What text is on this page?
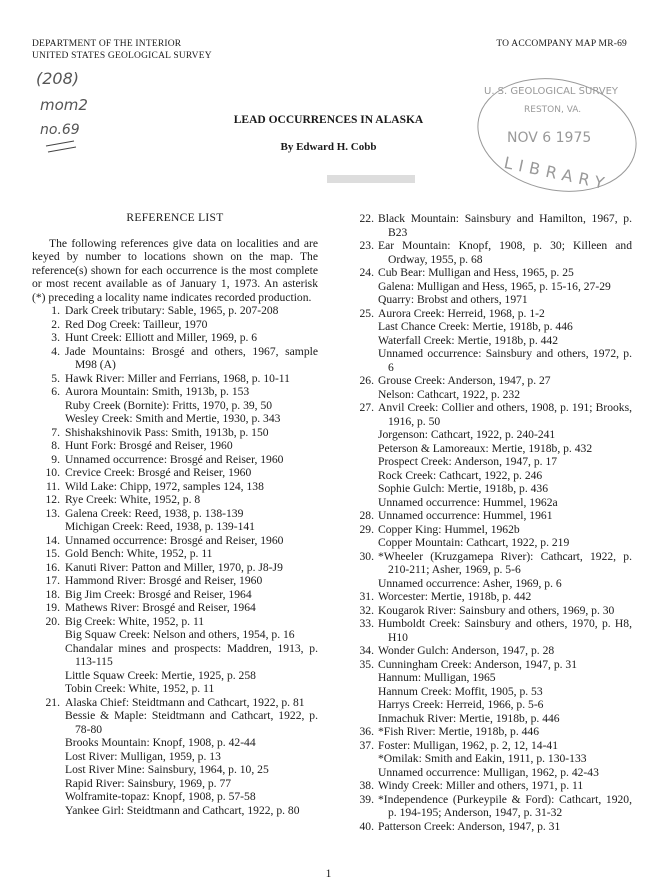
DEPARTMENT OF THE INTERIOR
UNITED STATES GEOLOGICAL SURVEY
TO ACCOMPANY MAP MR-69
(208)
mom2
no.69
U. S. GEOLOGICAL SURVEY
RESTON, VA.
NOV 6 1975
LIBRARY
LEAD OCCURRENCES IN ALASKA
By Edward H. Cobb
REFERENCE LIST

The following references give data on localities and are keyed by number to locations shown on the map. The reference(s) shown for each occurrence is the most complete or most recent available as of January 1, 1973. An asterisk (*) preceding a locality name indicates recorded production.

1. Dark Creek tributary: Sable, 1965, p. 207-208
2. Red Dog Creek: Tailleur, 1970
3. Hunt Creek: Elliott and Miller, 1969, p. 6
4. Jade Mountains: Brosgé and others, 1967, sample M98 (A)
5. Hawk River: Miller and Ferrians, 1968, p. 10-11
6. Aurora Mountain: Smith, 1913b, p. 153
Ruby Creek (Bornite): Fritts, 1970, p. 39, 50
Wesley Creek: Smith and Mertie, 1930, p. 343
7. Shishakshinovik Pass: Smith, 1913b, p. 150
8. Hunt Fork: Brosgé and Reiser, 1960
9. Unnamed occurrence: Brosgé and Reiser, 1960
10. Crevice Creek: Brosgé and Reiser, 1960
11. Wild Lake: Chipp, 1972, samples 124, 138
12. Rye Creek: White, 1952, p. 8
13. Galena Creek: Reed, 1938, p. 138-139
Michigan Creek: Reed, 1938, p. 139-141
14. Unnamed occurrence: Brosgé and Reiser, 1960
15. Gold Bench: White, 1952, p. 11
16. Kanuti River: Patton and Miller, 1970, p. J8-J9
17. Hammond River: Brosgé and Reiser, 1960
18. Big Jim Creek: Brosgé and Reiser, 1964
19. Mathews River: Brosgé and Reiser, 1964
20. Big Creek: White, 1952, p. 11
Big Squaw Creek: Nelson and others, 1954, p. 16
Chandalar mines and prospects: Maddren, 1913, p. 113-115
Little Squaw Creek: Mertie, 1925, p. 258
Tobin Creek: White, 1952, p. 11
21. Alaska Chief: Steidtmann and Cathcart, 1922, p. 81
Bessie & Maple: Steidtmann and Cathcart, 1922, p. 78-80
Brooks Mountain: Knopf, 1908, p. 42-44
Lost River: Mulligan, 1959, p. 13
Lost River Mine: Sainsbury, 1964, p. 10, 25
Rapid River: Sainsbury, 1969, p. 77
Wolframite-topaz: Knopf, 1908, p. 57-58
Yankee Girl: Steidtmann and Cathcart, 1922, p. 80
22. Black Mountain: Sainsbury and Hamilton, 1967, p. B23
23. Ear Mountain: Knopf, 1908, p. 30; Killeen and Ordway, 1955, p. 68
24. Cub Bear: Mulligan and Hess, 1965, p. 25
Galena: Mulligan and Hess, 1965, p. 15-16, 27-29
Quarry: Brobst and others, 1971
25. Aurora Creek: Herreid, 1968, p. 1-2
Last Chance Creek: Mertie, 1918b, p. 446
Waterfall Creek: Mertie, 1918b, p. 442
Unnamed occurrence: Sainsbury and others, 1972, p. 6
26. Grouse Creek: Anderson, 1947, p. 27
Nelson: Cathcart, 1922, p. 232
27. Anvil Creek: Collier and others, 1908, p. 191; Brooks, 1916, p. 50
Jorgenson: Cathcart, 1922, p. 240-241
Peterson & Lamoreaux: Mertie, 1918b, p. 432
Prospect Creek: Anderson, 1947, p. 17
Rock Creek: Cathcart, 1922, p. 246
Sophie Gulch: Mertie, 1918b, p. 436
Unnamed occurrence: Hummel, 1962a
28. Unnamed occurrence: Hummel, 1961
29. Copper King: Hummel, 1962b
Copper Mountain: Cathcart, 1922, p. 219
30. *Wheeler (Kruzgamepa River): Cathcart, 1922, p. 210-211; Asher, 1969, p. 5-6
Unnamed occurrence: Asher, 1969, p. 6
31. Worcester: Mertie, 1918b, p. 442
32. Kougarok River: Sainsbury and others, 1969, p. 30
33. Humboldt Creek: Sainsbury and others, 1970, p. H8, H10
34. Wonder Gulch: Anderson, 1947, p. 28
35. Cunningham Creek: Anderson, 1947, p. 31
Hannum: Mulligan, 1965
Hannum Creek: Moffit, 1905, p. 53
Harrys Creek: Herreid, 1966, p. 5-6
Inmachuk River: Mertie, 1918b, p. 446
36. *Fish River: Mertie, 1918b, p. 446
37. Foster: Mulligan, 1962, p. 2, 12, 14-41
*Omilak: Smith and Eakin, 1911, p. 130-133
Unnamed occurrence: Mulligan, 1962, p. 42-43
38. Windy Creek: Miller and others, 1971, p. 11
39. *Independence (Purkeypile & Ford): Cathcart, 1920, p. 194-195; Anderson, 1947, p. 31-32
40. Patterson Creek: Anderson, 1947, p. 31
1
